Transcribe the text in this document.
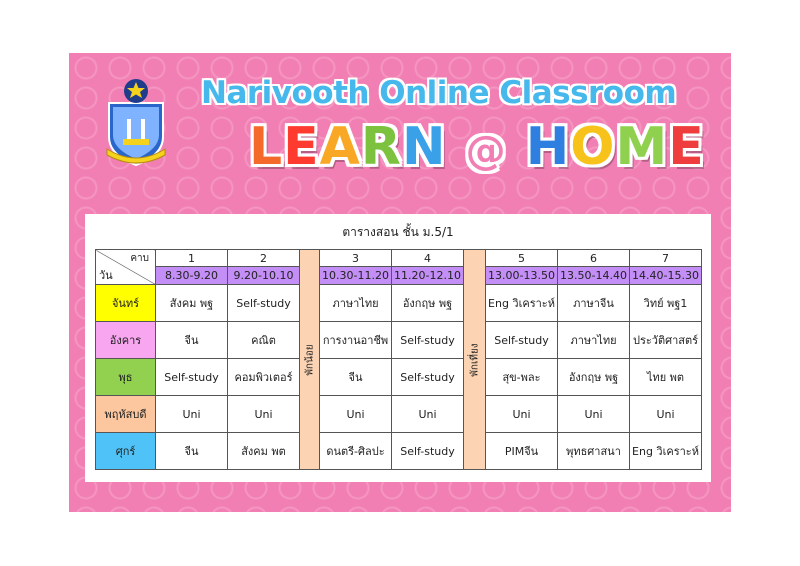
Narivooth Online Classroom
LEARN @ HOME
ตารางสอน ชั้น ม.5/1
คาบ
วัน	1	2	พักน้อย	3	4	พักเที่ยง	5	6	7
	8.30-9.20	9.20-10.10		10.30-11.20	11.20-12.10		13.00-13.50	13.50-14.40	14.40-15.30
จันทร์	สังคม พฐ	Self-study		ภาษาไทย	อังกฤษ พฐ		Eng วิเคราะห์	ภาษาจีน	วิทย์ พฐ1
อังคาร	จีน	คณิต		การงานอาชีพ	Self-study		Self-study	ภาษาไทย	ประวัติศาสตร์
พุธ	Self-study	คอมพิวเตอร์		จีน	Self-study		สุข-พละ	อังกฤษ พฐ	ไทย พต
พฤหัสบดี	Uni	Uni		Uni	Uni		Uni	Uni	Uni
ศุกร์	จีน	สังคม พต		ดนตรี-ศิลปะ	Self-study		PIMจีน	พุทธศาสนา	Eng วิเคราะห์
